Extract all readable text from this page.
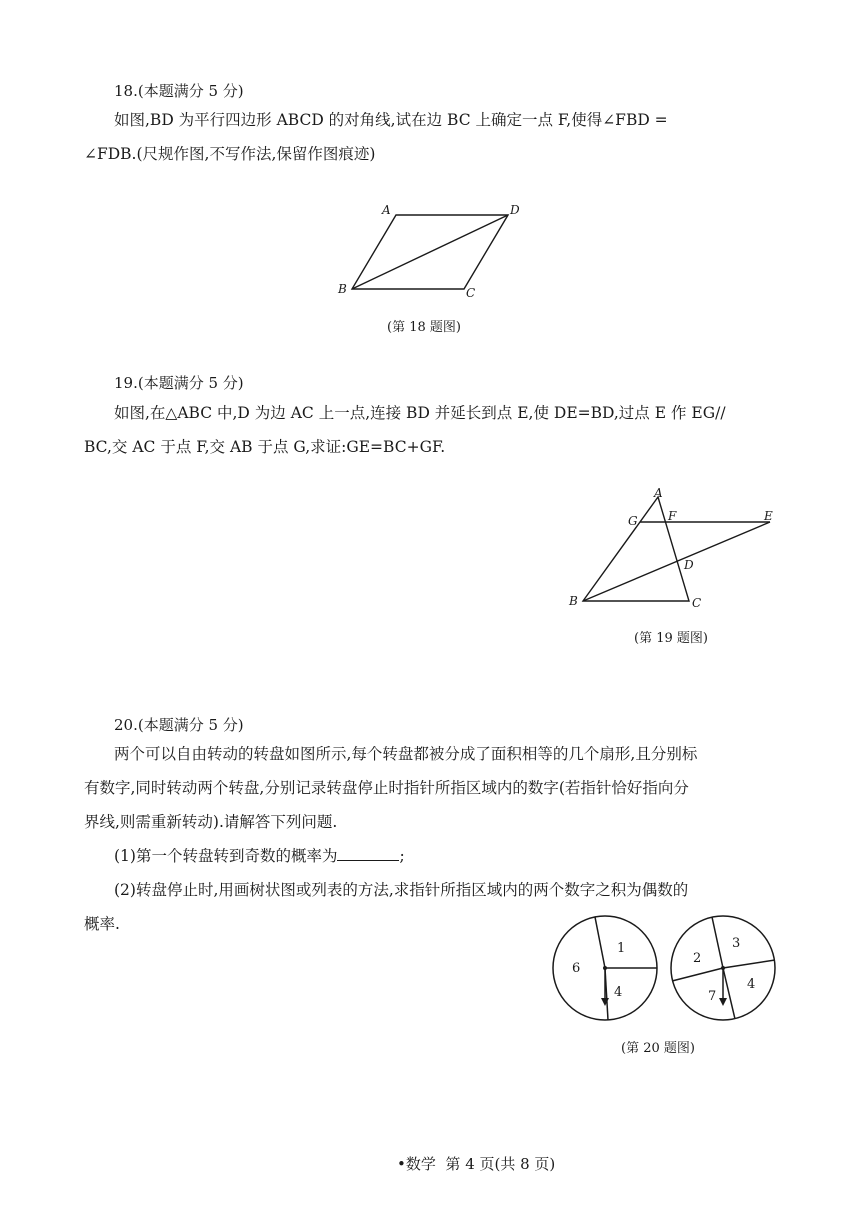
18.(本题满分 5 分)
如图,BD 为平行四边形 ABCD 的对角线,试在边 BC 上确定一点 F,使得∠FBD =
∠FDB.(尺规作图,不写作法,保留作图痕迹)
A	D
B	C
(第 18 题图)
19.(本题满分 5 分)
如图,在△ABC 中,D 为边 AC 上一点,连接 BD 并延长到点 E,使 DE=BD,过点 E 作 EG//
BC,交 AC 于点 F,交 AB 于点 G,求证:GE=BC+GF.
A
G	F	E
D
B	C
(第 19 题图)
20.(本题满分 5 分)
两个可以自由转动的转盘如图所示,每个转盘都被分成了面积相等的几个扇形,且分别标
有数字,同时转动两个转盘,分别记录转盘停止时指针所指区域内的数字(若指针恰好指向分
界线,则需重新转动).请解答下列问题.
(1)第一个转盘转到奇数的概率为	;
(2)转盘停止时,用画树状图或列表的方法,求指针所指区域内的两个数字之积为偶数的
概率.
1
6
4
2
3
7
4
(第 20 题图)
•数学 第 4 页(共 8 页)
